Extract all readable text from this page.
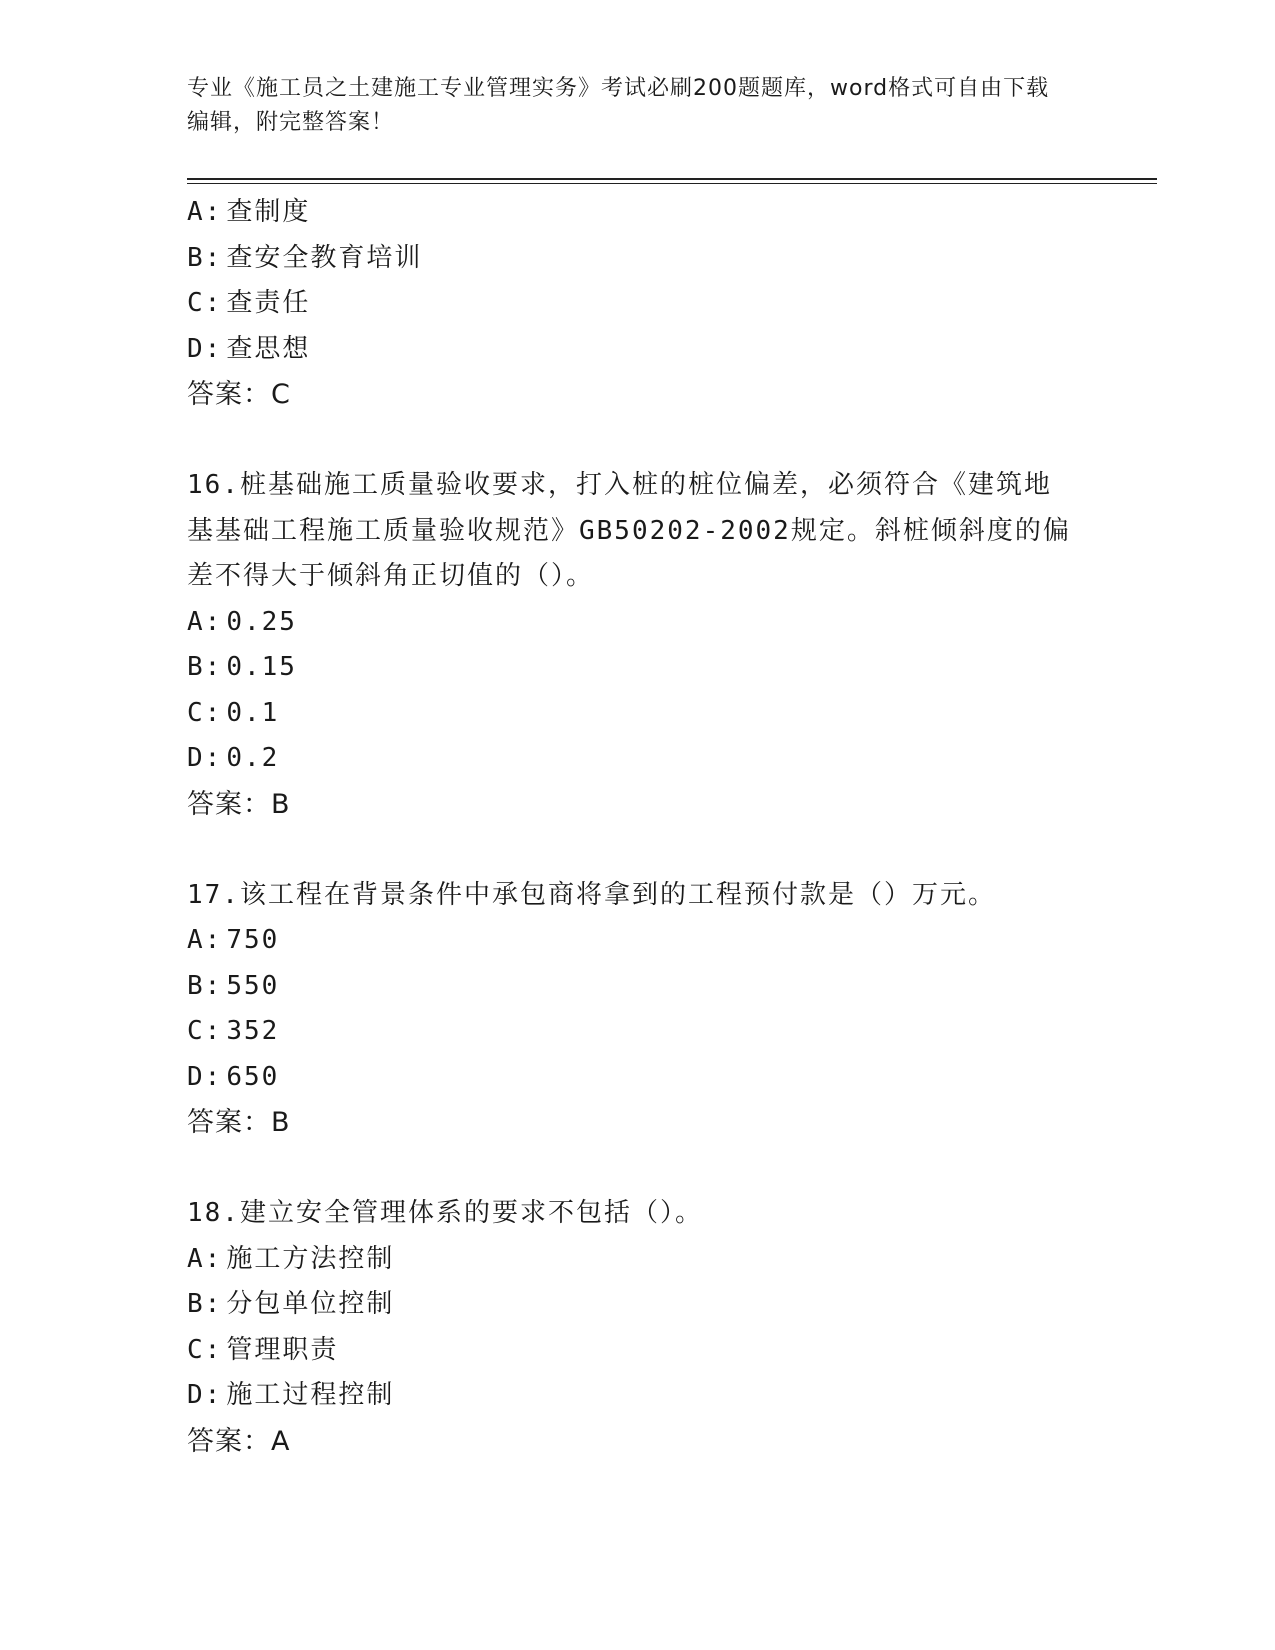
专业《施工员之土建施工专业管理实务》考试必刷200题题库，word格式可自由下载编辑，附完整答案！
A: 查制度
B: 查安全教育培训
C: 查责任
D: 查思想
答案：C
16.桩基础施工质量验收要求，打入桩的桩位偏差，必须符合《建筑地
基基础工程施工质量验收规范》GB50202-2002规定。斜桩倾斜度的偏
差不得大于倾斜角正切值的（）。
A: 0.25
B: 0.15
C: 0.1
D: 0.2
答案：B
17.该工程在背景条件中承包商将拿到的工程预付款是（）万元。
A: 750
B: 550
C: 352
D: 650
答案：B
18.建立安全管理体系的要求不包括（）。
A: 施工方法控制
B: 分包单位控制
C: 管理职责
D: 施工过程控制
答案：A
